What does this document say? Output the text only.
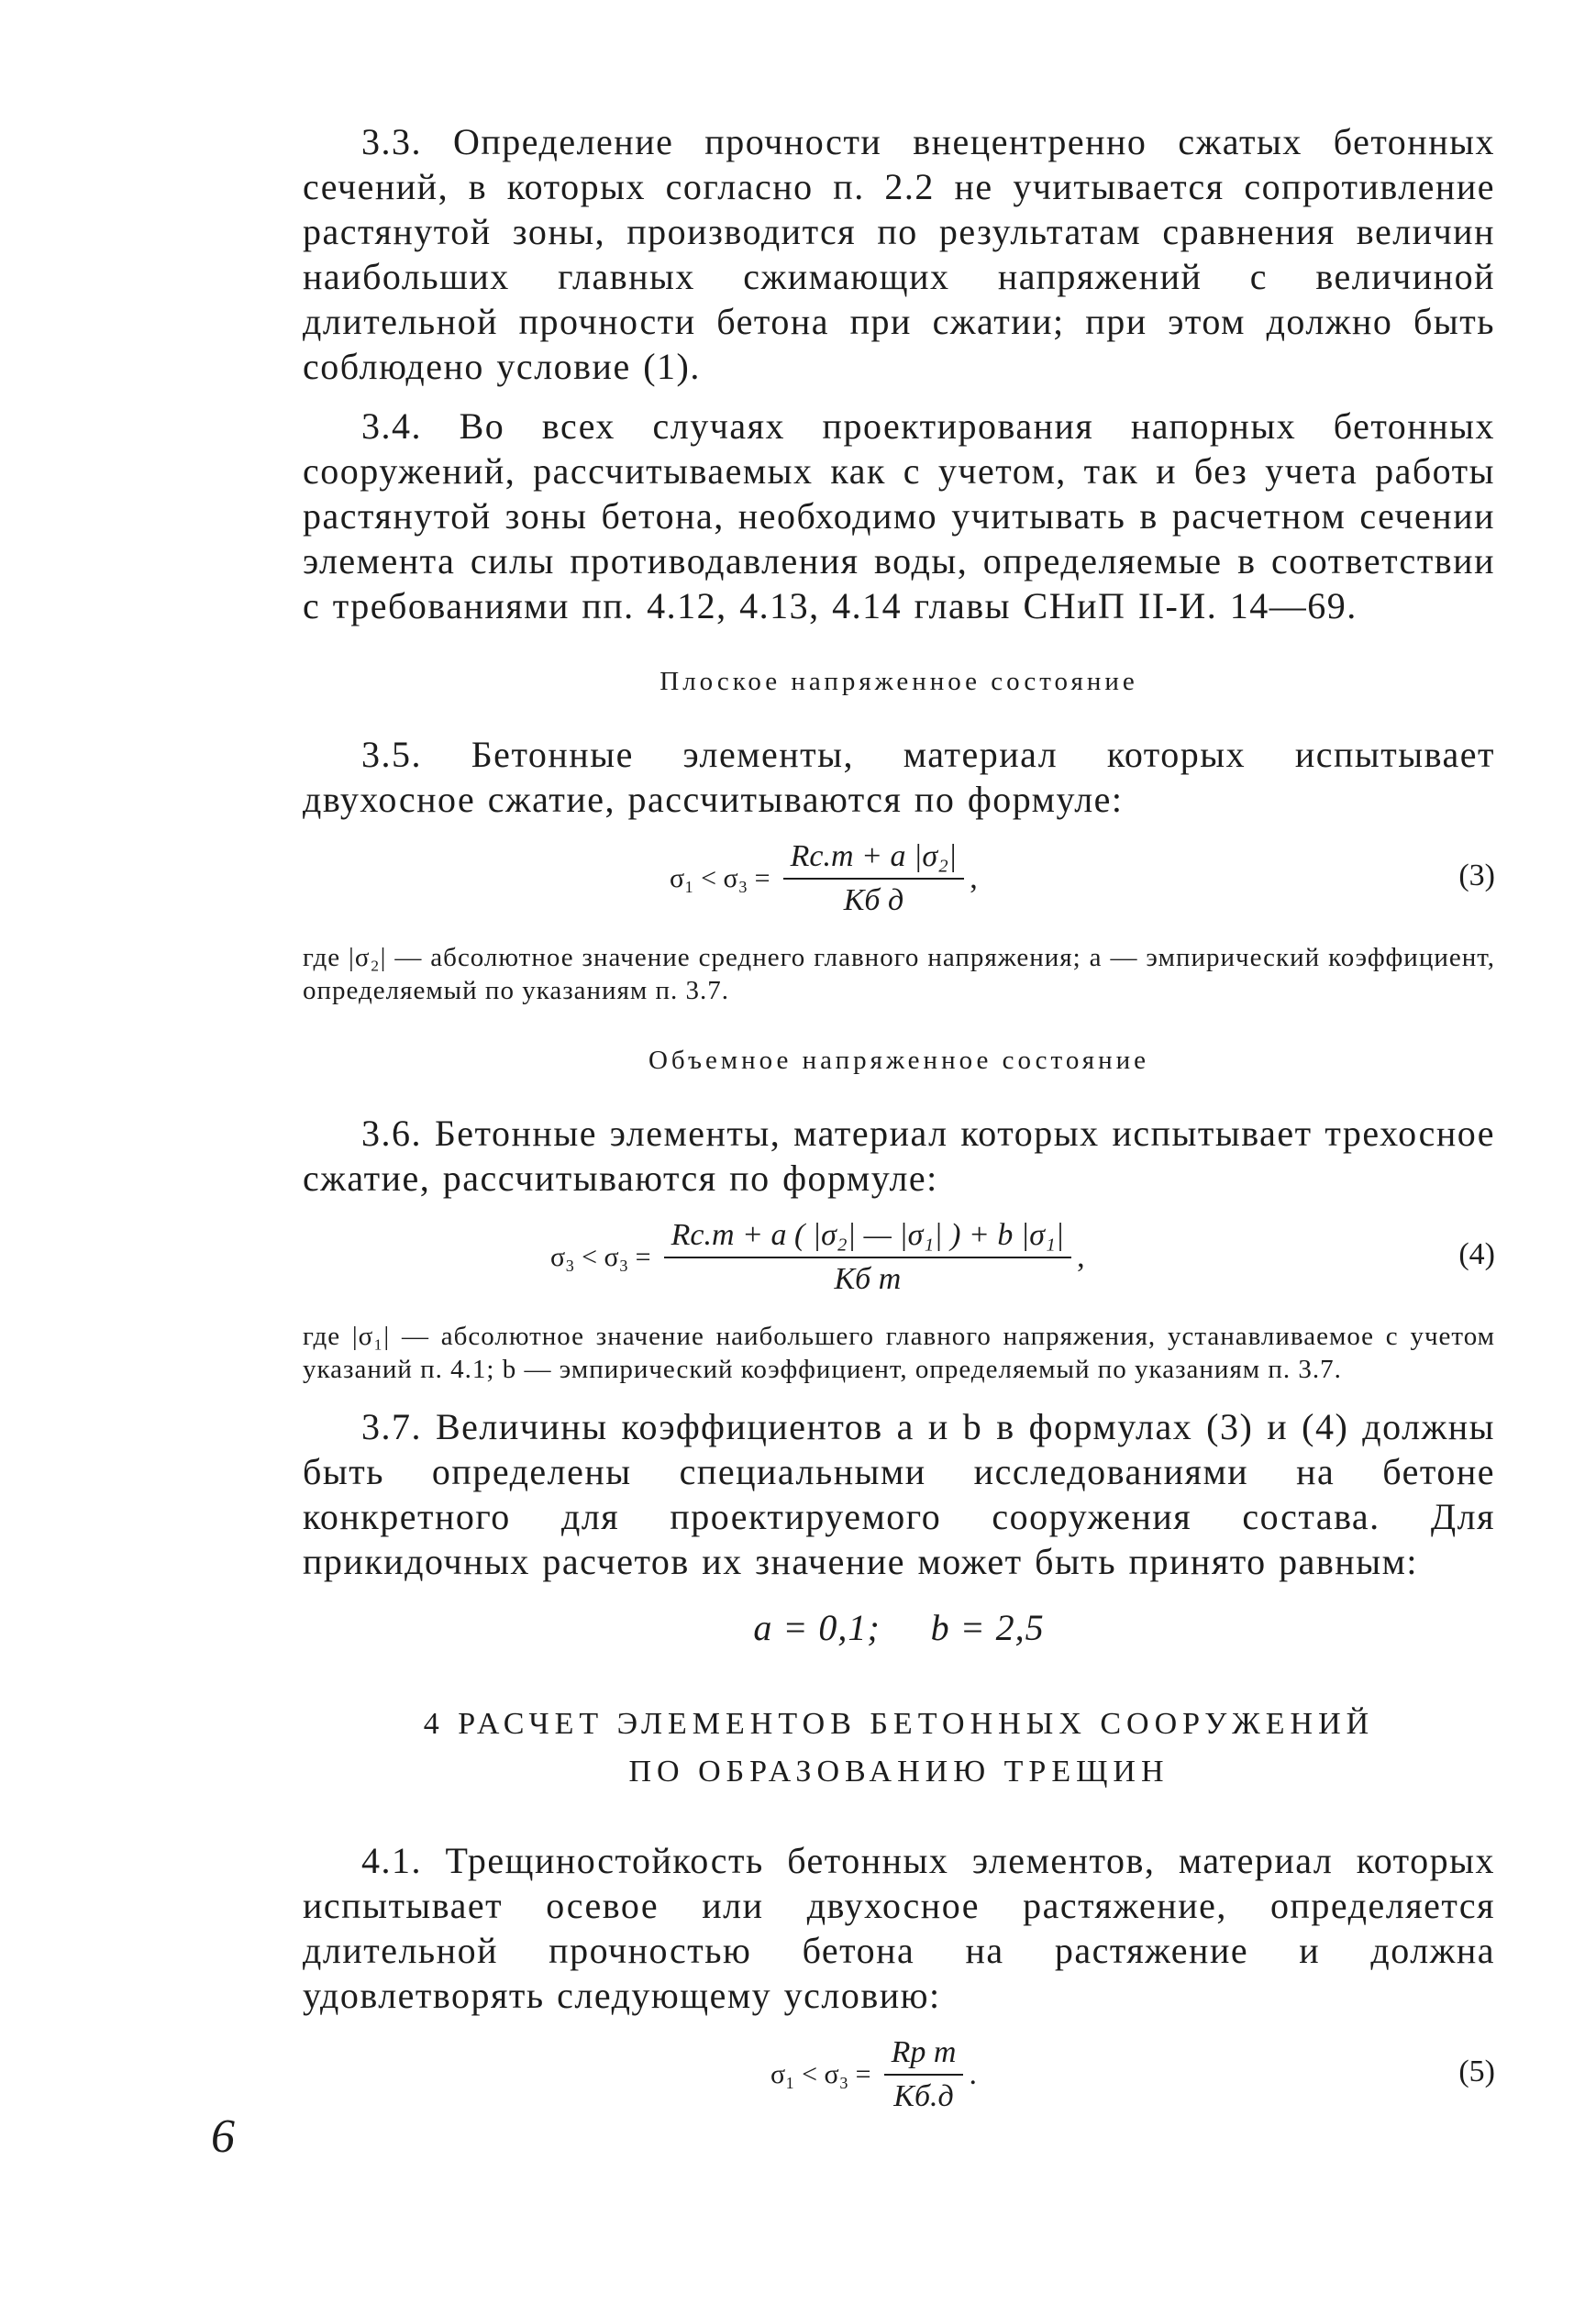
3.3. Определение прочности внецентренно сжатых бетонных сечений, в которых согласно п. 2.2 не учитывается сопротивление растянутой зоны, производится по результатам сравнения величин наибольших главных сжимающих напряжений с величиной длительной прочности бетона при сжатии; при этом должно быть соблюдено условие (1).

3.4. Во всех случаях проектирования напорных бетонных сооружений, рассчитываемых как с учетом, так и без учета работы растянутой зоны бетона, необходимо учитывать в расчетном сечении элемента силы противодавления воды, определяемые в соответствии с требованиями пп. 4.12, 4.13, 4.14 главы СНиП II-И. 14—69.

Плоское напряженное состояние

3.5. Бетонные элементы, материал которых испытывает двухосное сжатие, рассчитываются по формуле:

$\sigma_1 < \sigma_3 = \frac{\text{Rс.т + a |σ₂|}}{\text{Kб д}}$ ,	(3)

где |σ₂| — абсолютное значение среднего главного напряжения; a — эмпирический коэффициент, определяемый по указаниям п. 3.7.

Объемное напряженное состояние

3.6. Бетонные элементы, материал которых испытывает трехосное сжатие, рассчитываются по формуле:

$\sigma_3 < \sigma_3 = \frac{\text{Rс.т + a ( |σ₂| — |σ₁| ) + b |σ₁|}}{\text{Kб т}}$ ,	(4)

где |σ₁| — абсолютное значение наибольшего главного напряжения, устанавливаемое с учетом указаний п. 4.1; b — эмпирический коэффициент, определяемый по указаниям п. 3.7.

3.7. Величины коэффициентов a и b в формулах (3) и (4) должны быть определены специальными исследованиями на бетоне конкретного для проектируемого сооружения состава. Для прикидочных расчетов их значение может быть принято равным:

a = 0,1;     b = 2,5

4 РАСЧЕТ ЭЛЕМЕНТОВ БЕТОННЫХ СООРУЖЕНИЙ
ПО ОБРАЗОВАНИЮ ТРЕЩИН

4.1. Трещиностойкость бетонных элементов, материал которых испытывает осевое или двухосное растяжение, определяется длительной прочностью бетона на растяжение и должна удовлетворять следующему условию:

$\sigma_1 < \sigma_3 = \frac{\text{Rр т}}{Kб.д}$ .	(5)
6
